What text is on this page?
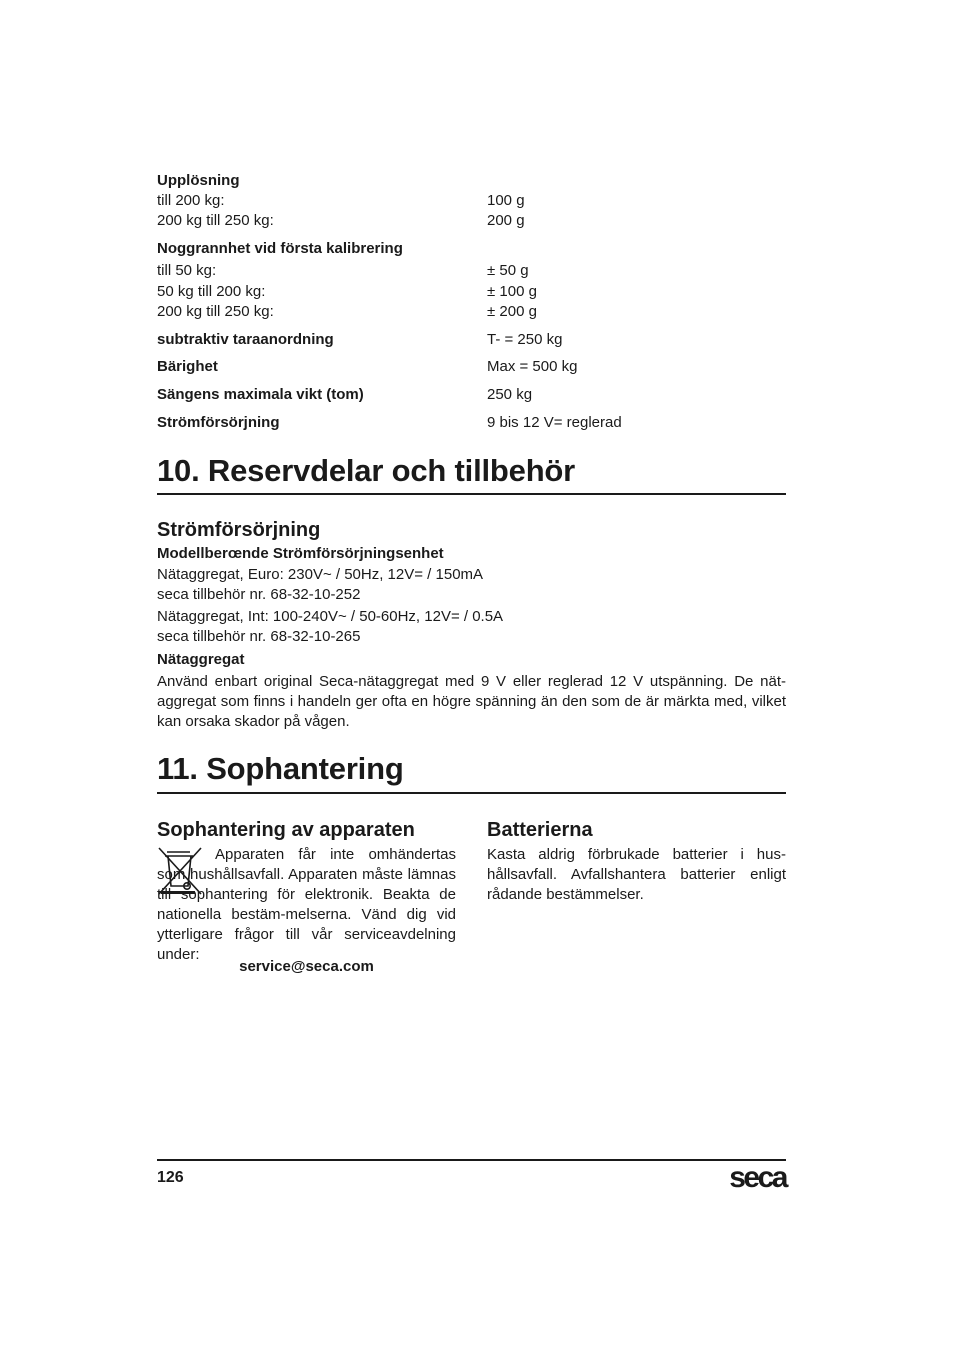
Upplösning
till 200 kg:	100 g
200 kg till 250 kg:	200 g
Noggrannhet vid första kalibrering
till 50 kg:	± 50 g
50 kg till 200 kg:	± 100 g
200 kg till 250 kg:	± 200 g
subtraktiv taraanordning	T- = 250 kg
Bärighet	Max = 500 kg
Sängens maximala vikt (tom)	250 kg
Strömförsörjning	9 bis 12 V= reglerad
10. Reservdelar och tillbehör
Strömförsörjning
Modellberœnde Strömförsörjningsenhet
Nätaggregat, Euro: 230V~ / 50Hz, 12V= / 150mA
seca tillbehör nr. 68-32-10-252
Nätaggregat, Int: 100-240V~ / 50-60Hz, 12V= / 0.5A
seca tillbehör nr. 68-32-10-265
Nätaggregat
Använd enbart original Seca-nätaggregat med 9 V eller reglerad 12 V utspänning. De nät-aggregat som finns i handeln ger ofta en högre spänning än den som de är märkta med, vilket kan orsaka skador på vågen.
11. Sophantering
Sophantering av apparaten
Apparaten får inte omhändertas som hushållsavfall. Apparaten måste lämnas till sophantering för elektronik. Beakta de nationella bestäm-melserna. Vänd dig vid ytterligare frågor till vår serviceavdelning under:
service@seca.com
Batterierna
Kasta aldrig förbrukade batterier i hus-hållsavfall. Avfallshantera batterier enligt rådande bestämmelser.
126	seca
